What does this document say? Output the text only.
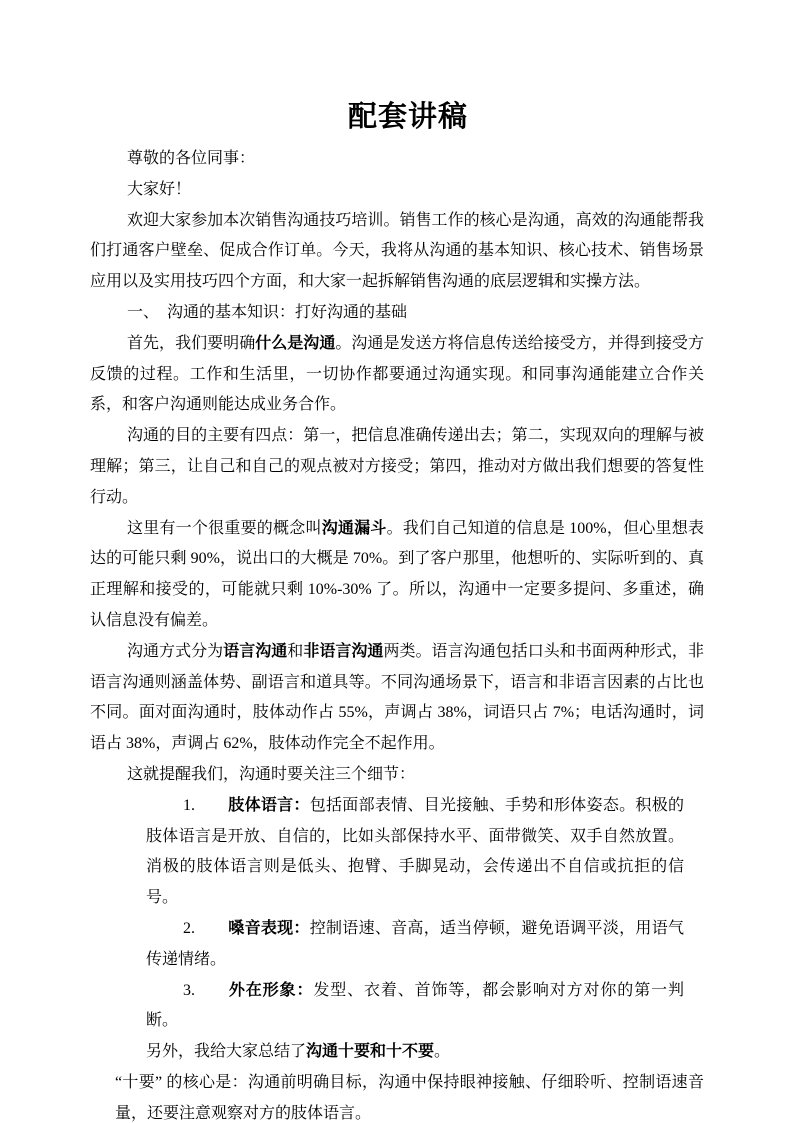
配套讲稿
尊敬的各位同事：
大家好！
欢迎大家参加本次销售沟通技巧培训。销售工作的核心是沟通，高效的沟通能帮我们打通客户壁垒、促成合作订单。今天，我将从沟通的基本知识、核心技术、销售场景应用以及实用技巧四个方面，和大家一起拆解销售沟通的底层逻辑和实操方法。
一、　沟通的基本知识：打好沟通的基础
首先，我们要明确什么是沟通。沟通是发送方将信息传送给接受方，并得到接受方反馈的过程。工作和生活里，一切协作都要通过沟通实现。和同事沟通能建立合作关系，和客户沟通则能达成业务合作。
沟通的目的主要有四点：第一，把信息准确传递出去；第二，实现双向的理解与被理解；第三，让自己和自己的观点被对方接受；第四，推动对方做出我们想要的答复性行动。
这里有一个很重要的概念叫沟通漏斗。我们自己知道的信息是 100%，但心里想表达的可能只剩 90%，说出口的大概是 70%。到了客户那里，他想听的、实际听到的、真正理解和接受的，可能就只剩 10%-30% 了。所以，沟通中一定要多提问、多重述，确认信息没有偏差。
沟通方式分为语言沟通和非语言沟通两类。语言沟通包括口头和书面两种形式，非语言沟通则涵盖体势、副语言和道具等。不同沟通场景下，语言和非语言因素的占比也不同。面对面沟通时，肢体动作占 55%，声调占 38%，词语只占 7%；电话沟通时，词语占 38%，声调占 62%，肢体动作完全不起作用。
这就提醒我们，沟通时要关注三个细节：
1. 肢体语言：包括面部表情、目光接触、手势和形体姿态。积极的肢体语言是开放、自信的，比如头部保持水平、面带微笑、双手自然放置。消极的肢体语言则是低头、抱臂、手脚晃动，会传递出不自信或抗拒的信号。
2. 嗓音表现：控制语速、音高，适当停顿，避免语调平淡，用语气传递情绪。
3. 外在形象：发型、衣着、首饰等，都会影响对方对你的第一判断。
另外，我给大家总结了沟通十要和十不要。
“十要” 的核心是：沟通前明确目标，沟通中保持眼神接触、仔细聆听、控制语速音量，还要注意观察对方的肢体语言。
